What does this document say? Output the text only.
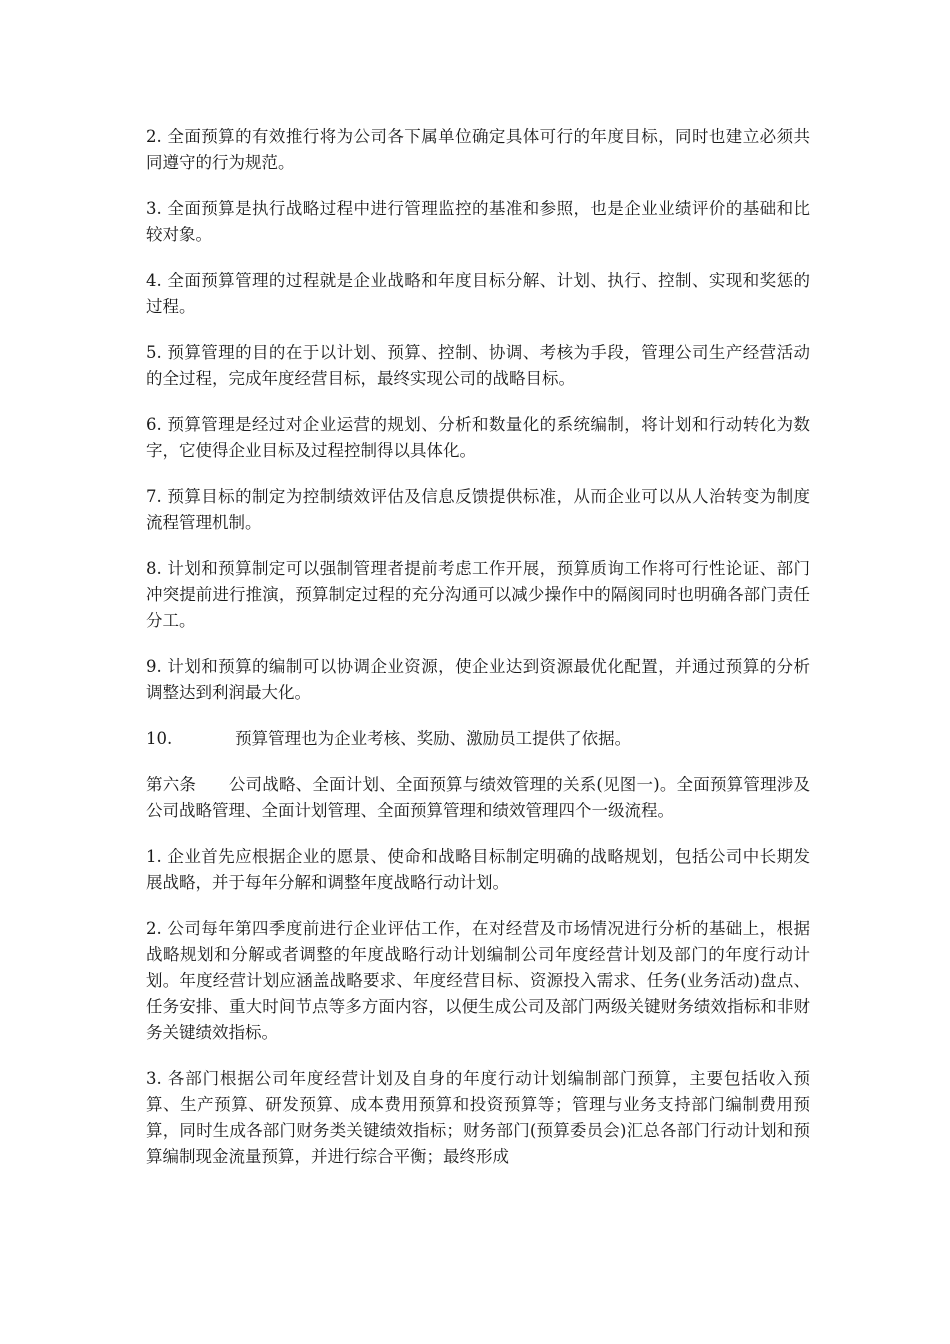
2. 全面预算的有效推行将为公司各下属单位确定具体可行的年度目标，同时也建立必须共同遵守的行为规范。

3. 全面预算是执行战略过程中进行管理监控的基准和参照，也是企业业绩评价的基础和比较对象。

4. 全面预算管理的过程就是企业战略和年度目标分解、计划、执行、控制、实现和奖惩的过程。

5. 预算管理的目的在于以计划、预算、控制、协调、考核为手段，管理公司生产经营活动的全过程，完成年度经营目标，最终实现公司的战略目标。

6. 预算管理是经过对企业运营的规划、分析和数量化的系统编制，将计划和行动转化为数字，它使得企业目标及过程控制得以具体化。

7. 预算目标的制定为控制绩效评估及信息反馈提供标准，从而企业可以从人治转变为制度流程管理机制。

8. 计划和预算制定可以强制管理者提前考虑工作开展，预算质询工作将可行性论证、部门冲突提前进行推演，预算制定过程的充分沟通可以减少操作中的隔阂同时也明确各部门责任分工。

9. 计划和预算的编制可以协调企业资源，使企业达到资源最优化配置，并通过预算的分析调整达到利润最大化。

10.            预算管理也为企业考核、奖励、激励员工提供了依据。

第六条      公司战略、全面计划、全面预算与绩效管理的关系(见图一)。全面预算管理涉及公司战略管理、全面计划管理、全面预算管理和绩效管理四个一级流程。

1. 企业首先应根据企业的愿景、使命和战略目标制定明确的战略规划，包括公司中长期发展战略，并于每年分解和调整年度战略行动计划。

2. 公司每年第四季度前进行企业评估工作，在对经营及市场情况进行分析的基础上，根据战略规划和分解或者调整的年度战略行动计划编制公司年度经营计划及部门的年度行动计划。年度经营计划应涵盖战略要求、年度经营目标、资源投入需求、任务(业务活动)盘点、任务安排、重大时间节点等多方面内容，以便生成公司及部门两级关键财务绩效指标和非财务关键绩效指标。

3. 各部门根据公司年度经营计划及自身的年度行动计划编制部门预算，主要包括收入预算、生产预算、研发预算、成本费用预算和投资预算等；管理与业务支持部门编制费用预算，同时生成各部门财务类关键绩效指标；财务部门(预算委员会)汇总各部门行动计划和预算编制现金流量预算，并进行综合平衡；最终形成
